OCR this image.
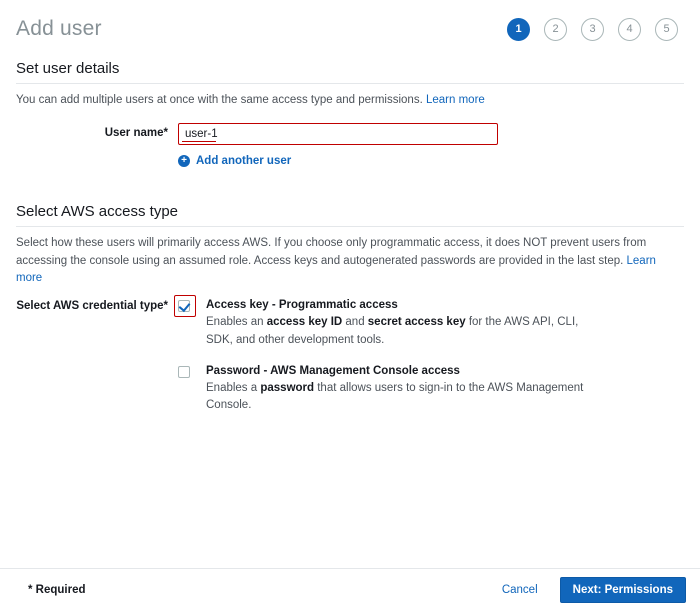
Add user	1	2	3	4	5
Set user details
You can add multiple users at once with the same access type and permissions. Learn more
User name*
user-1
+ Add another user
Select AWS access type
Select how these users will primarily access AWS. If you choose only programmatic access, it does NOT prevent users from accessing the console using an assumed role. Access keys and autogenerated passwords are provided in the last step. Learn more
Select AWS credential type*	Access key - Programmatic access
Enables an access key ID and secret access key for the AWS API, CLI, SDK, and other development tools.
Password - AWS Management Console access
Enables a password that allows users to sign-in to the AWS Management Console.
* Required	Cancel	Next: Permissions
